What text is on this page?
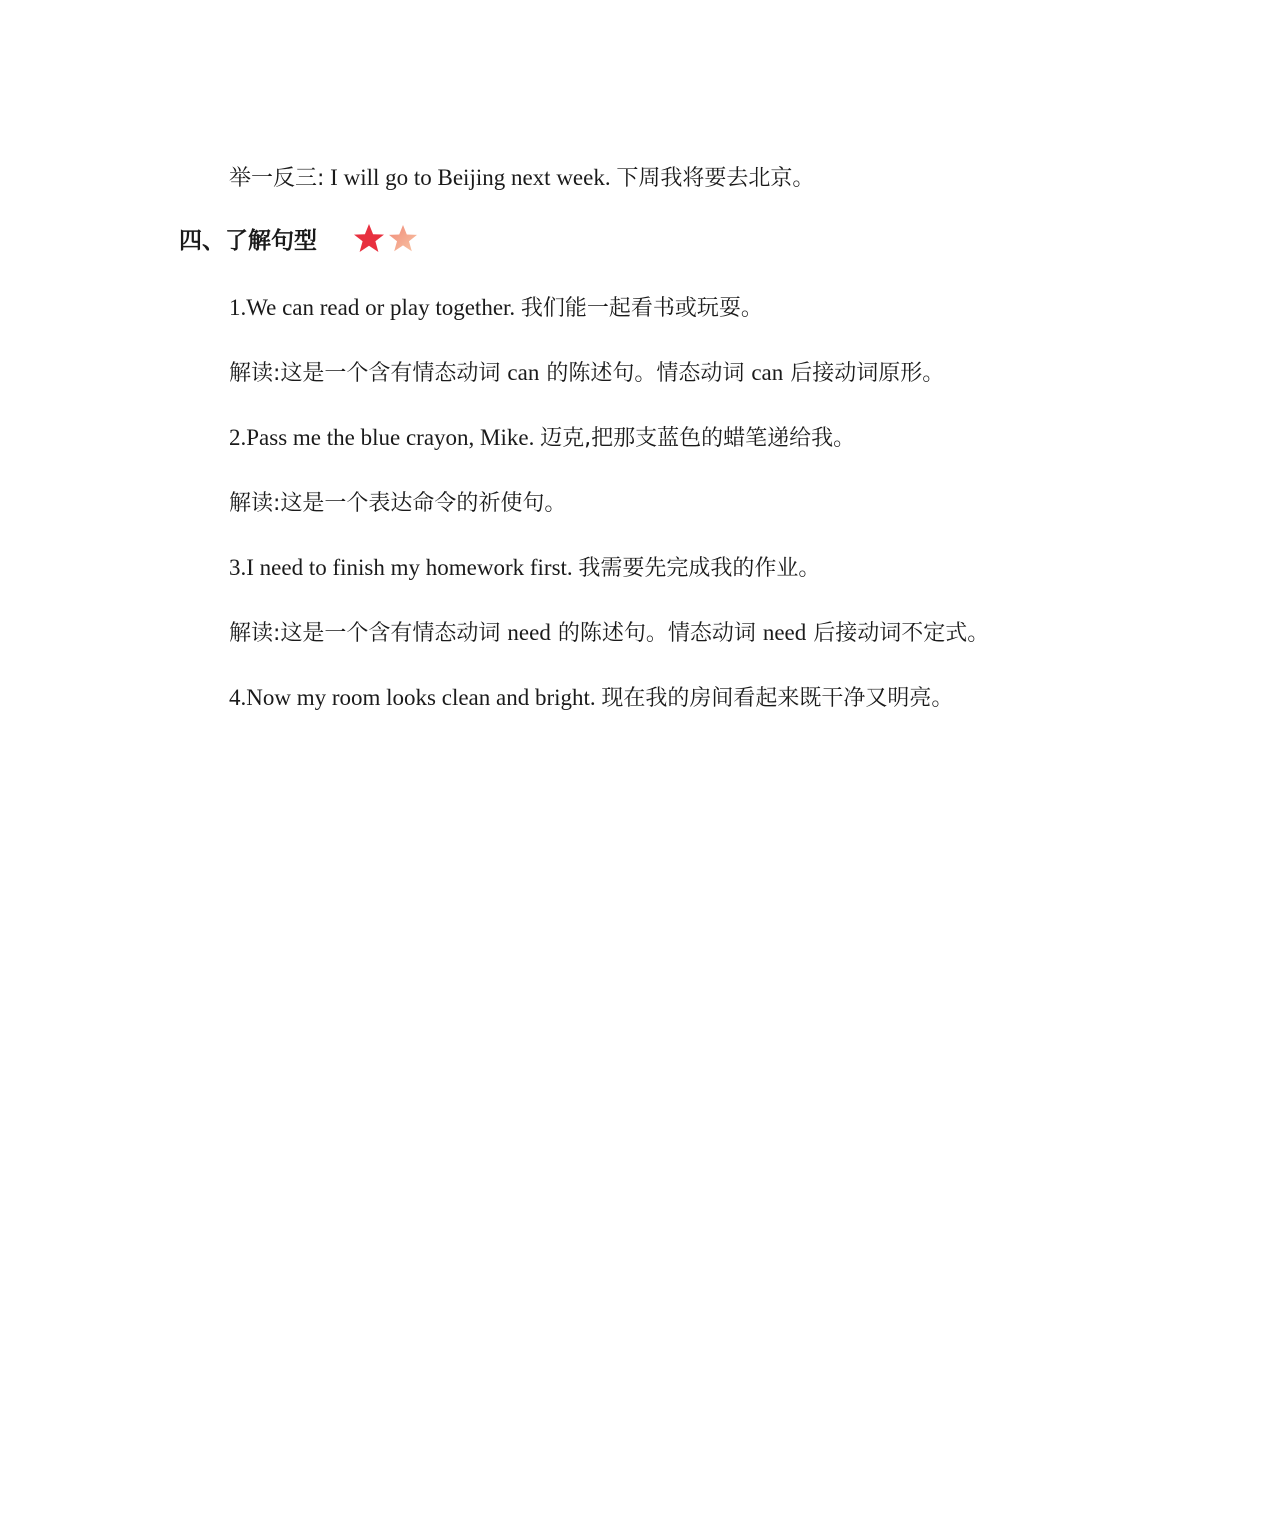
举一反三: I will go to Beijing next week. 下周我将要去北京。
四、了解句型
1.We can read or play together. 我们能一起看书或玩耍。
解读:这是一个含有情态动词 can 的陈述句。情态动词 can 后接动词原形。
2.Pass me the blue crayon, Mike. 迈克,把那支蓝色的蜡笔递给我。
解读:这是一个表达命令的祈使句。
3.I need to finish my homework first. 我需要先完成我的作业。
解读:这是一个含有情态动词 need 的陈述句。情态动词 need 后接动词不定式。
4.Now my room looks clean and bright. 现在我的房间看起来既干净又明亮。
